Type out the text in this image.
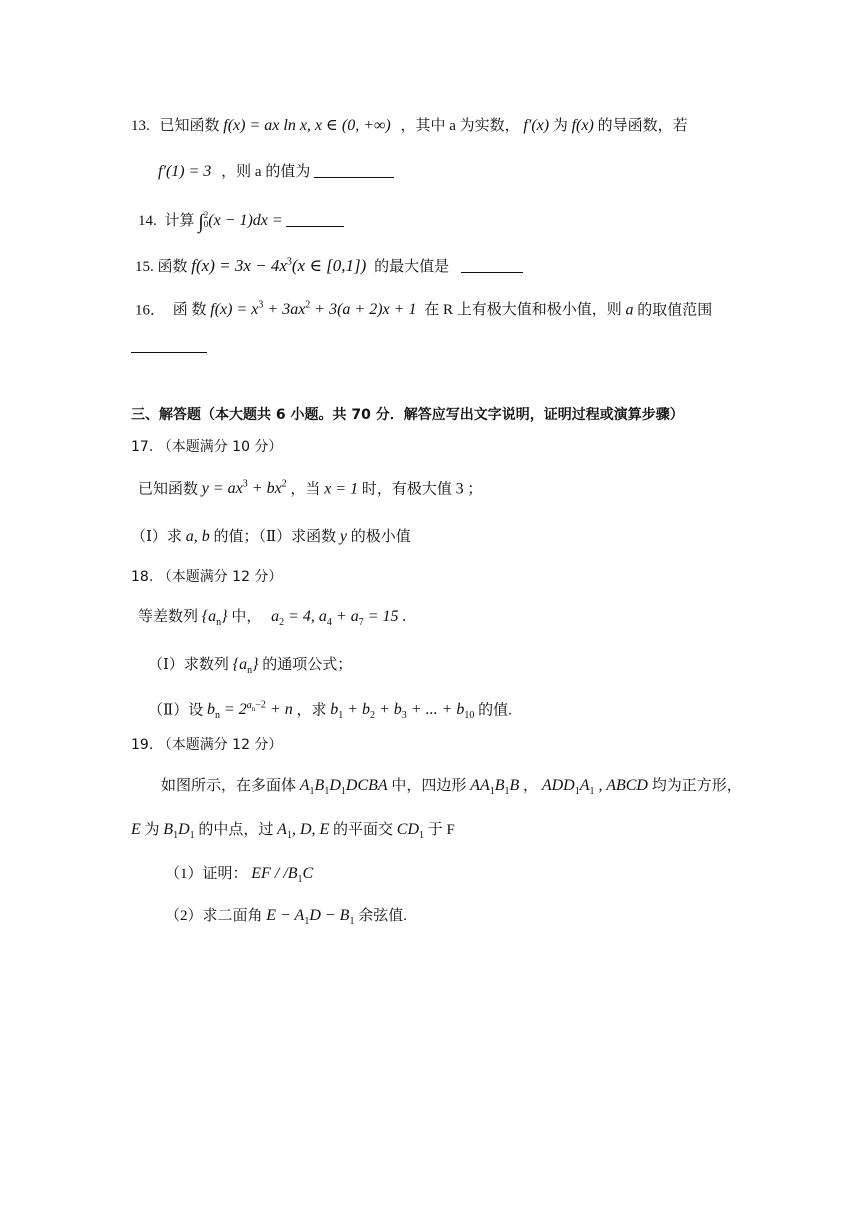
13. 已知函数 f(x) = ax ln x, x ∈ (0, +∞) ，其中 a 为实数， f′(x) 为 f(x) 的导函数，若
f′(1) = 3 ，则 a 的值为
14. 计算 ∫2
0(x − 1)dx =
15. 函数 $f(x) = 3x - 4x^3(x$ ∈ [0,1]) 的最大值是
16． 函 数 $f(x) = x^3 + 3ax^2 + 3(a + 2)x + 1$ 在 R 上有极大值和极小值，则 a 的取值范围
三、解答题（本大题共 6 小题。共 70 分．解答应写出文字说明，证明过程或演算步骤）
17. （本题满分 10 分）
已知函数 $y = ax^3 + bx^2$ ，当 x = 1 时，有极大值 3 ；
（Ⅰ）求 a, b 的值；（Ⅱ）求函数 y 的极小值
18. （本题满分 12 分）
等差数列 $\{a_n\}$ 中， $a_2 = 4$, $a_4 + a_7 = 15$ .
（Ⅰ）求数列 $\{a_n\}$ 的通项公式；
（Ⅱ）设 $b_n = 2^{a_n-2} + n$ ，求 $b_1 + b_2 + b_3$ + ... + $b_{10}$ 的值.
19. （本题满分 12 分）
如图所示，在多面体 $A_1B_1D_1DCBA$ 中，四边形 $AA_1B_1B$ ， $ADD_1A_1$ , ABCD 均为正方形，
E 为 $B_1D_1$ 的中点，过 $A_1$, D, E 的平面交 $CD_1$ 于 F
（1）证明： EF / $/B_1C$
（2）求二面角 $E - A_1D - B_1$ 余弦值.
